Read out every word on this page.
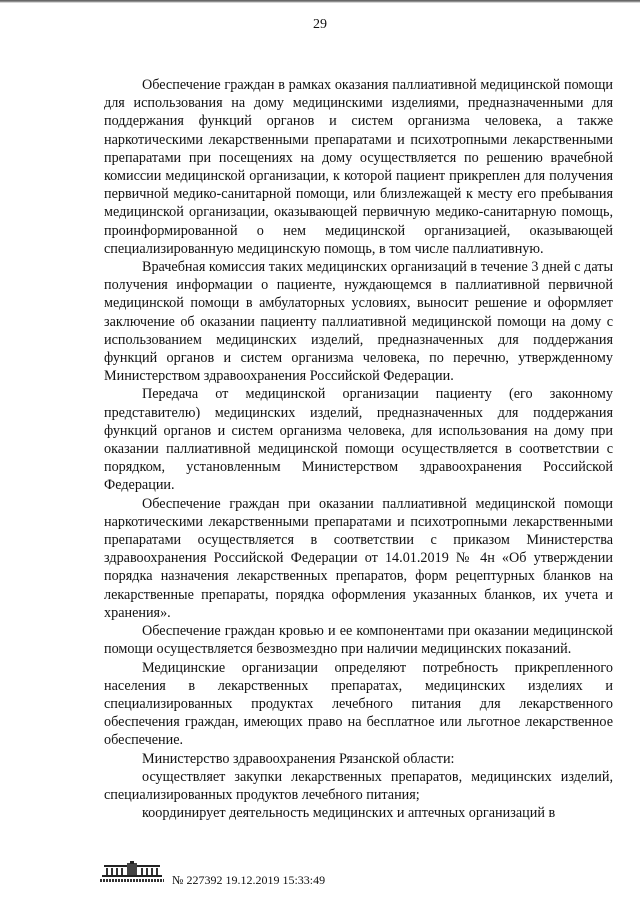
29

Обеспечение граждан в рамках оказания паллиативной медицинской помощи для использования на дому медицинскими изделиями, предназначенными для поддержания функций органов и систем организма человека, а также наркотическими лекарственными препаратами и психотропными лекарственными препаратами при посещениях на дому осуществляется по решению врачебной комиссии медицинской организации, к которой пациент прикреплен для получения первичной медико-санитарной помощи, или близлежащей к месту его пребывания медицинской организации, оказывающей первичную медико-санитарную помощь, проинформированной о нем медицинской организацией, оказывающей специализированную медицинскую помощь, в том числе паллиативную.

Врачебная комиссия таких медицинских организаций в течение 3 дней с даты получения информации о пациенте, нуждающемся в паллиативной первичной медицинской помощи в амбулаторных условиях, выносит решение и оформляет заключение об оказании пациенту паллиативной медицинской помощи на дому с использованием медицинских изделий, предназначенных для поддержания функций органов и систем организма человека, по перечню, утвержденному Министерством здравоохранения Российской Федерации.

Передача от медицинской организации пациенту (его законному представителю) медицинских изделий, предназначенных для поддержания функций органов и систем организма человека, для использования на дому при оказании паллиативной медицинской помощи осуществляется в соответствии с порядком, установленным Министерством здравоохранения Российской Федерации.

Обеспечение граждан при оказании паллиативной медицинской помощи наркотическими лекарственными препаратами и психотропными лекарственными препаратами осуществляется в соответствии с приказом Министерства здравоохранения Российской Федерации от 14.01.2019 № 4н «Об утверждении порядка назначения лекарственных препаратов, форм рецептурных бланков на лекарственные препараты, порядка оформления указанных бланков, их учета и хранения».

Обеспечение граждан кровью и ее компонентами при оказании медицинской помощи осуществляется безвозмездно при наличии медицинских показаний.

Медицинские организации определяют потребность прикрепленного населения в лекарственных препаратах, медицинских изделиях и специализированных продуктах лечебного питания для лекарственного обеспечения граждан, имеющих право на бесплатное или льготное лекарственное обеспечение.

Министерство здравоохранения Рязанской области:

осуществляет закупки лекарственных препаратов, медицинских изделий, специализированных продуктов лечебного питания;

координирует деятельность медицинских и аптечных организаций в

№ 227392 19.12.2019 15:33:49
